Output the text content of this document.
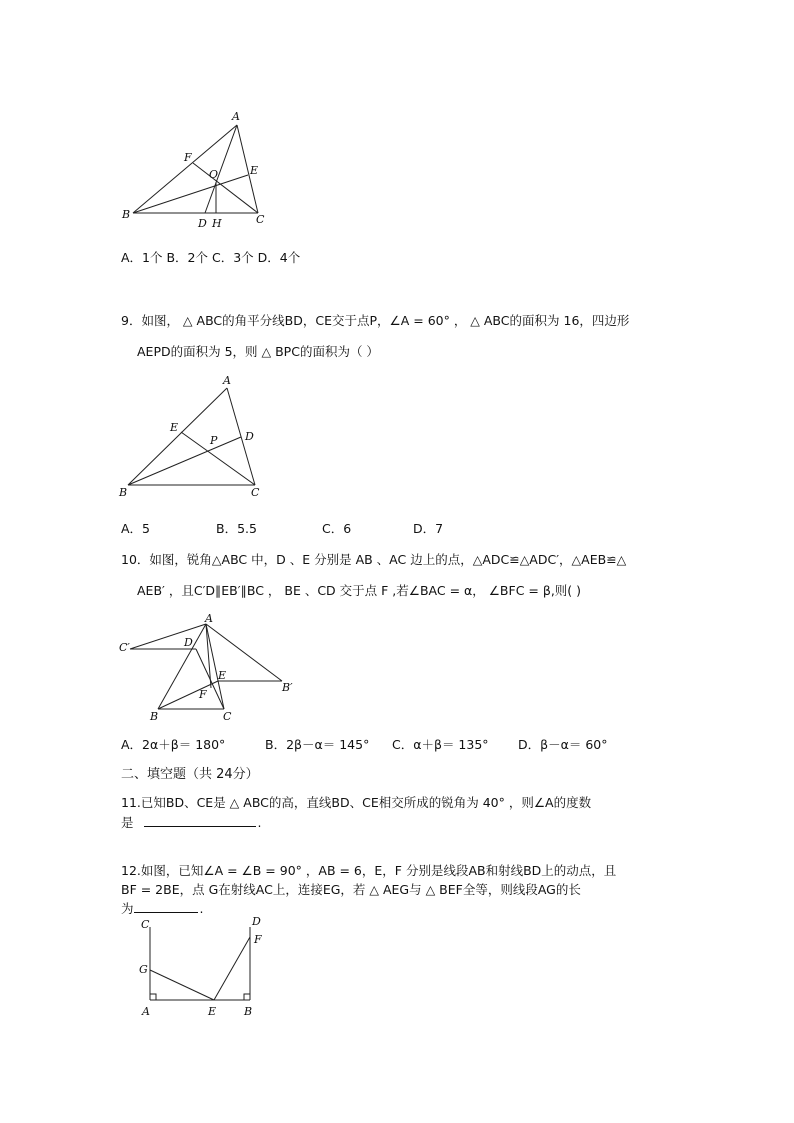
A
B	C
F
O	E
D H
A．1个 B．2个 C．3个 D．4个
9．如图， △ ABC的角平分线BD，CE交于点P，∠A = 60° ， △ ABC的面积为 16，四边形
AEPD的面积为 5，则 △ BPC的面积为（ ）
A
E
P	D
B	C
A．5	B．5.5	C．6	D．7
10．如图，锐角△ABC 中，D 、E 分别是 AB 、AC 边上的点，△ADC≌△ADC′，△AEB≌△
AEB′ ，且C′D∥EB′∥BC ， BE 、CD 交于点 F ,若∠BAC = α， ∠BFC = β,则( )
A
C′	D
E
F
B′
B	C
A．2α＋β＝ 180°	B．2β－α＝ 145° C．α＋β＝ 135° D．β－α＝ 60°
二、填空题（共 24分）
11.已知BD、CE是 △ ABC的高，直线BD、CE相交所成的锐角为 40° ，则∠A的度数
是	.
12.如图，已知∠A = ∠B = 90° ，AB = 6，E，F 分别是线段AB和射线BD上的动点，且
BF = 2BE，点 G在射线AC上，连接EG，若 △ AEG与 △ BEF全等，则线段AG的长
为	.
C	D
F
G
A	E	B
